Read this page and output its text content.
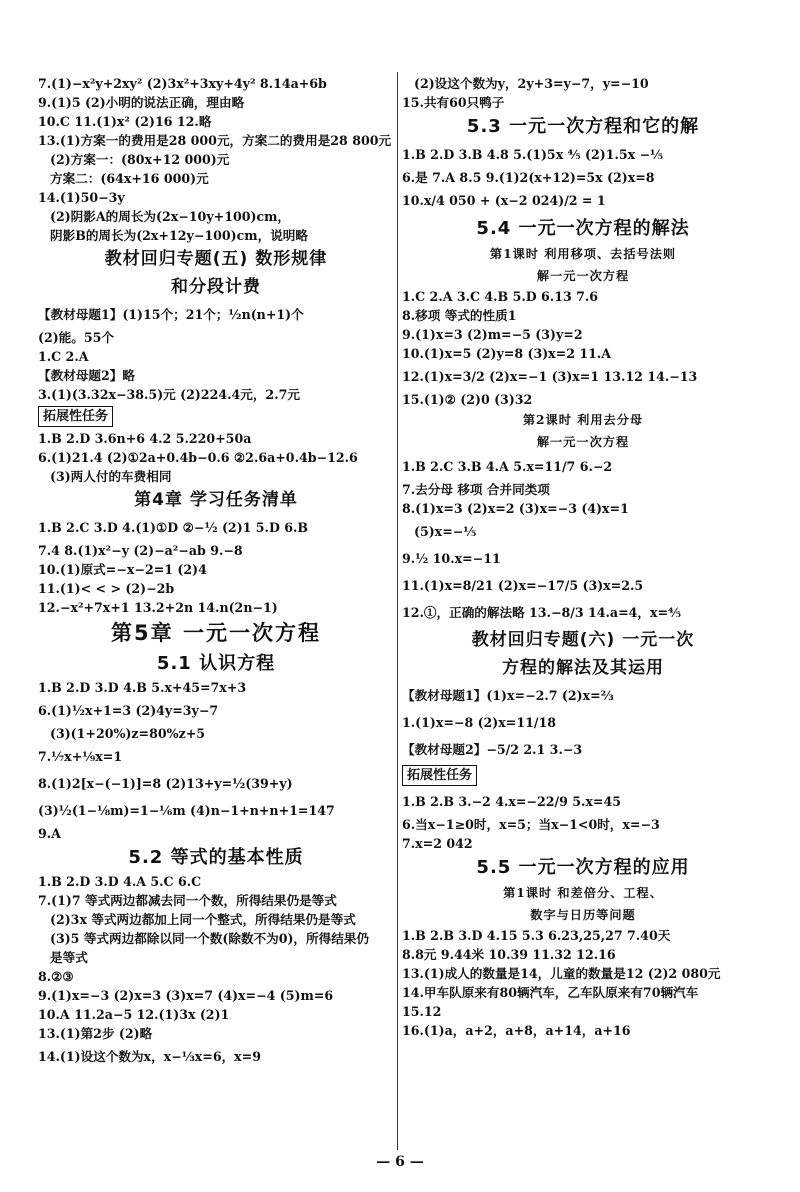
7.(1)−x²y+2xy² (2)3x²+3xy+4y² 8.14a+6b
9.(1)5 (2)小明的说法正确，理由略
10.C 11.(1)x² (2)16 12.略
13.(1)方案一的费用是28 000元，方案二的费用是28 800元
(2)方案一：(80x+12 000)元
方案二：(64x+16 000)元
14.(1)50−3y
(2)阴影A的周长为(2x−10y+100)cm，
阴影B的周长为(2x+12y−100)cm，说明略
教材回归专题(五) 数形规律
和分段计费
【教材母题1】(1)15个；21个；½n(n+1)个
(2)能。55个
1.C 2.A
【教材母题2】略
3.(1)(3.32x−38.5)元 (2)224.4元，2.7元
拓展性任务
1.B 2.D 3.6n+6 4.2 5.220+50a
6.(1)21.4 (2)①2a+0.4b−0.6 ②2.6a+0.4b−12.6
(3)两人付的车费相同
第4章 学习任务清单
1.B 2.C 3.D 4.(1)①D ②−½ (2)1 5.D 6.B
7.4 8.(1)x²−y (2)−a²−ab 9.−8
10.(1)原式=−x−2=1 (2)4
11.(1)< < > (2)−2b
12.−x²+7x+1 13.2+2n 14.n(2n−1)
第5章 一元一次方程
5.1 认识方程
1.B 2.D 3.D 4.B 5.x+45=7x+3
6.(1)½x+1=3 (2)4y=3y−7
(3)(1+20%)z=80%z+5
7.⅐x+⅑x=1
8.(1)2[x−(−1)]=8 (2)13+y=½(39+y)
(3)½(1−⅛m)=1−⅙m (4)n−1+n+n+1=147
9.A
5.2 等式的基本性质
1.B 2.D 3.D 4.A 5.C 6.C
7.(1)7 等式两边都减去同一个数，所得结果仍是等式
(2)3x 等式两边都加上同一个整式，所得结果仍是等式
(3)5 等式两边都除以同一个数(除数不为0)，所得结果仍
是等式
8.②③
9.(1)x=−3 (2)x=3 (3)x=7 (4)x=−4 (5)m=6
10.A 11.2a−5 12.(1)3x (2)1
13.(1)第2步 (2)略
14.(1)设这个数为x，x−⅓x=6，x=9
(2)设这个数为y，2y+3=y−7，y=−10
15.共有60只鸭子
5.3 一元一次方程和它的解
1.B 2.D 3.B 4.8 5.(1)5x ⅘ (2)1.5x −⅕
6.是 7.A 8.5 9.(1)2(x+12)=5x (2)x=8
10.x/4 050 + (x−2 024)/2 = 1
5.4 一元一次方程的解法
第1课时 利用移项、去括号法则
解一元一次方程
1.C 2.A 3.C 4.B 5.D 6.13 7.6
8.移项 等式的性质1
9.(1)x=3 (2)m=−5 (3)y=2
10.(1)x=5 (2)y=8 (3)x=2 11.A
12.(1)x=3/2 (2)x=−1 (3)x=1 13.12 14.−13
15.(1)② (2)0 (3)32
第2课时 利用去分母
解一元一次方程
1.B 2.C 3.B 4.A 5.x=11/7 6.−2
7.去分母 移项 合并同类项
8.(1)x=3 (2)x=2 (3)x=−3 (4)x=1
(5)x=−⅕
9.½ 10.x=−11
11.(1)x=8/21 (2)x=−17/5 (3)x=2.5
12.①，正确的解法略 13.−8/3 14.a=4，x=⅘
教材回归专题(六) 一元一次
方程的解法及其运用
【教材母题1】(1)x=−2.7 (2)x=⅔
1.(1)x=−8 (2)x=11/18
【教材母题2】−5/2 2.1 3.−3
拓展性任务
1.B 2.B 3.−2 4.x=−22/9 5.x=45
6.当x−1≥0时，x=5；当x−1<0时，x=−3
7.x=2 042
5.5 一元一次方程的应用
第1课时 和差倍分、工程、
数字与日历等问题
1.B 2.B 3.D 4.15 5.3 6.23,25,27 7.40天
8.8元 9.44米 10.39 11.32 12.16
13.(1)成人的数量是14，儿童的数量是12 (2)2 080元
14.甲车队原来有80辆汽车，乙车队原来有70辆汽车
15.12
16.(1)a，a+2，a+8，a+14，a+16
— 6 —
